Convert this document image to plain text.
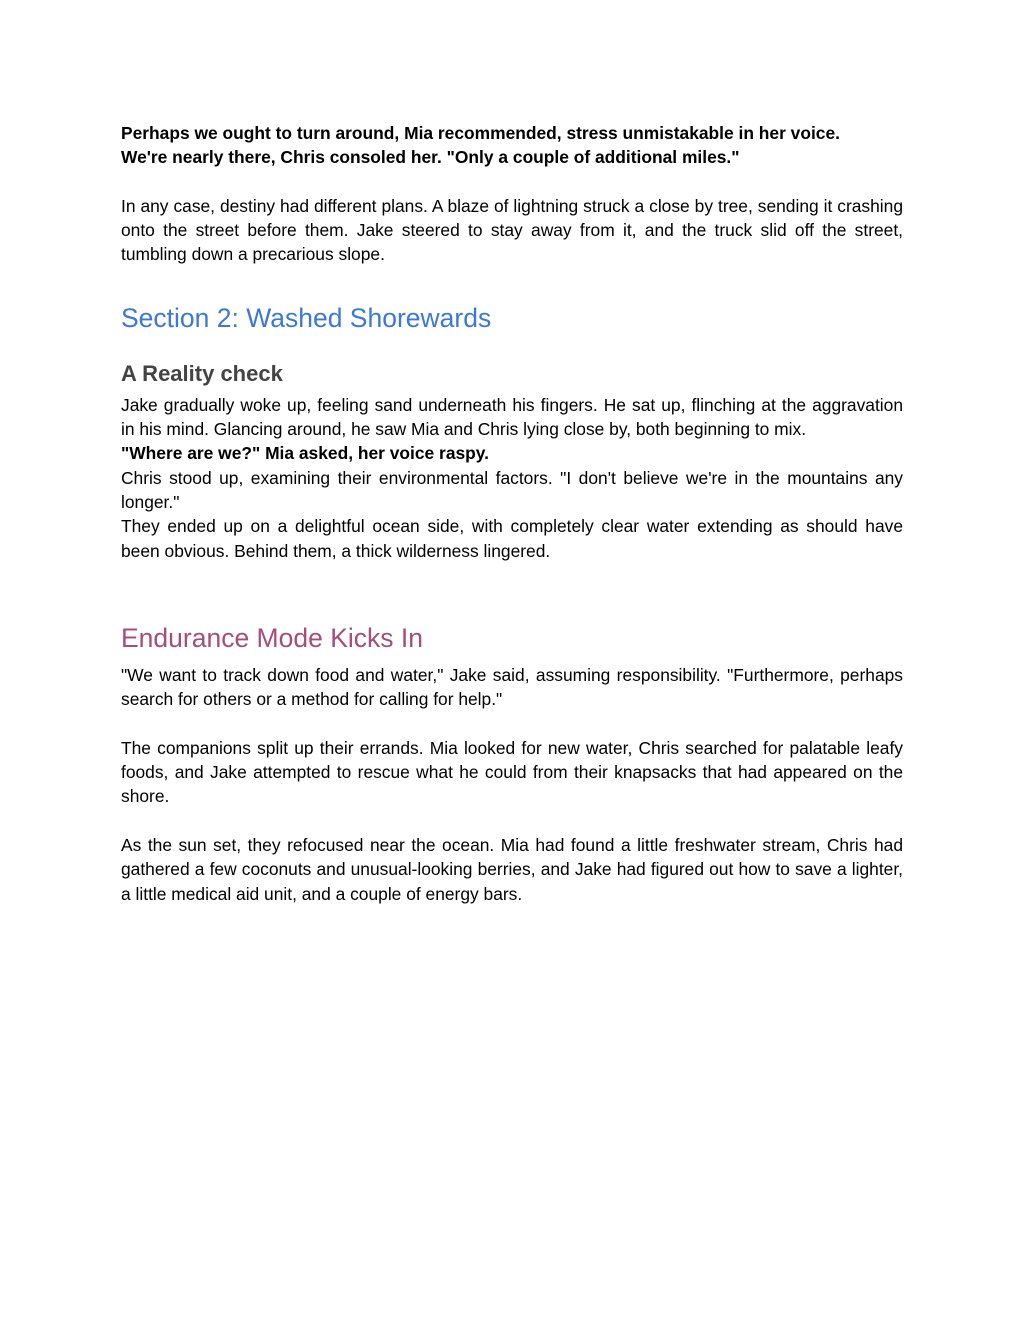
Perhaps we ought to turn around, Mia recommended, stress unmistakable in her voice.

We're nearly there, Chris consoled her. "Only a couple of additional miles."

In any case, destiny had different plans. A blaze of lightning struck a close by tree, sending it crashing onto the street before them. Jake steered to stay away from it, and the truck slid off the street, tumbling down a precarious slope.

Section 2: Washed Shorewards
A Reality check

Jake gradually woke up, feeling sand underneath his fingers. He sat up, flinching at the aggravation in his mind. Glancing around, he saw Mia and Chris lying close by, both beginning to mix.

"Where are we?" Mia asked, her voice raspy.

Chris stood up, examining their environmental factors. "I don't believe we're in the mountains any longer."

They ended up on a delightful ocean side, with completely clear water extending as should have been obvious. Behind them, a thick wilderness lingered.

Endurance Mode Kicks In

"We want to track down food and water," Jake said, assuming responsibility. "Furthermore, perhaps search for others or a method for calling for help."

The companions split up their errands. Mia looked for new water, Chris searched for palatable leafy foods, and Jake attempted to rescue what he could from their knapsacks that had appeared on the shore.

As the sun set, they refocused near the ocean. Mia had found a little freshwater stream, Chris had gathered a few coconuts and unusual-looking berries, and Jake had figured out how to save a lighter, a little medical aid unit, and a couple of energy bars.
